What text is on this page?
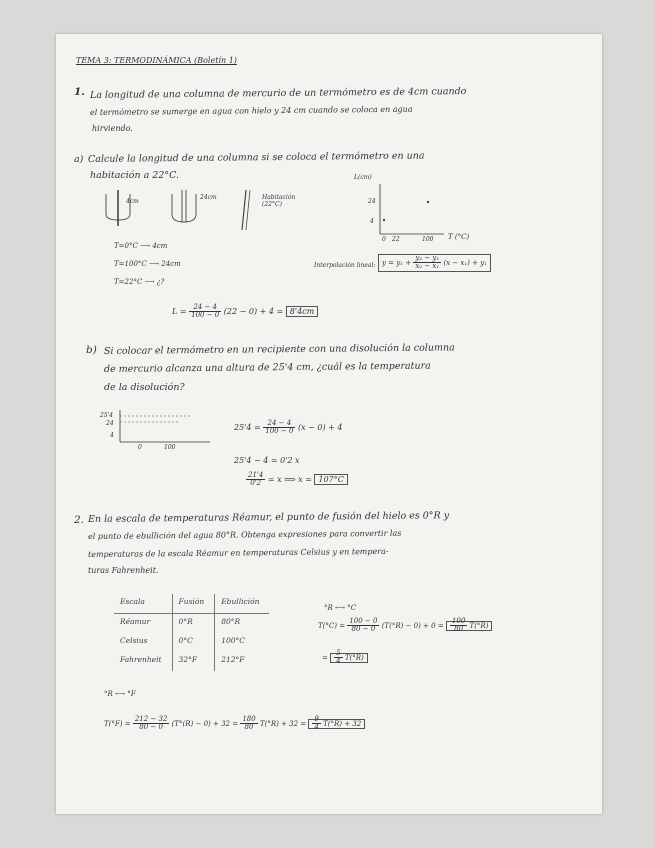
TEMA 3: TERMODINÁMICA (Boletín 1)
1. La longitud de una columna de mercurio de un termómetro es de 4cm cuando
el termómetro se sumerge en agua con hielo y 24 cm cuando se coloca en agua
hirviendo.
a) Calcule la longitud de una columna si se coloca el termómetro en una
habitación a 22°C.
4cm
24cm	Habitación (22°C)
L(cm)
24
4
0 22	100 T (°C)
T=0°C ⟶ 4cm
T=100°C ⟶ 24cm
T=22°C ⟶ ¿?
Interpolación lineal: $y = y_1 + \frac{\text{y₂ − y₁}}{\text{x₂ − x₁}} (x - x_1) + y_1$
$L = \frac{24 - 4}{100 - 0} (22 - 0) + 4 = 8'4cm$
b) Si colocar el termómetro en un recipiente con una disolución la columna
de mercurio alcanza una altura de 25'4 cm, ¿cuál es la temperatura
de la disolución?
25'4
24
4
0	100
$25'4 = \frac{24 - 4}{100 - 0} (x - 0) + 4$
25'4 − 4 = 0'2 x
$\frac{21'4}{0'2} = x$ ⟹ x = 107°C
2. En la escala de temperaturas Réamur, el punto de fusión del hielo es 0°R y
el punto de ebullición del agua 80°R. Obtenga expresiones para convertir las
temperaturas de la escala Réamur en temperaturas Celsius y en tempera-
turas Fahrenheit.
Escala	Fusión	Ebullición
Réamur	0°R	80°R
Celsius	0°C	100°C
Fahrenheit	32°F	212°F
°R ⟷ °C
$T(^\circ C) = \frac{100 - 0}{80 - 0} (T(^\circ R) - 0) + 0 = \frac{100}{80} T(^\circ R)$
= $\frac{5}{4} T(^\circ R)$
°R ⟷ °F
$T(^\circ F) = \frac{212 - 32}{80 - 0} (T^\circ(R) - 0) + 32 = \frac{180}{80} T(^\circ R) + 32 = \frac{9}{4} T(^\circ R) + 32$
